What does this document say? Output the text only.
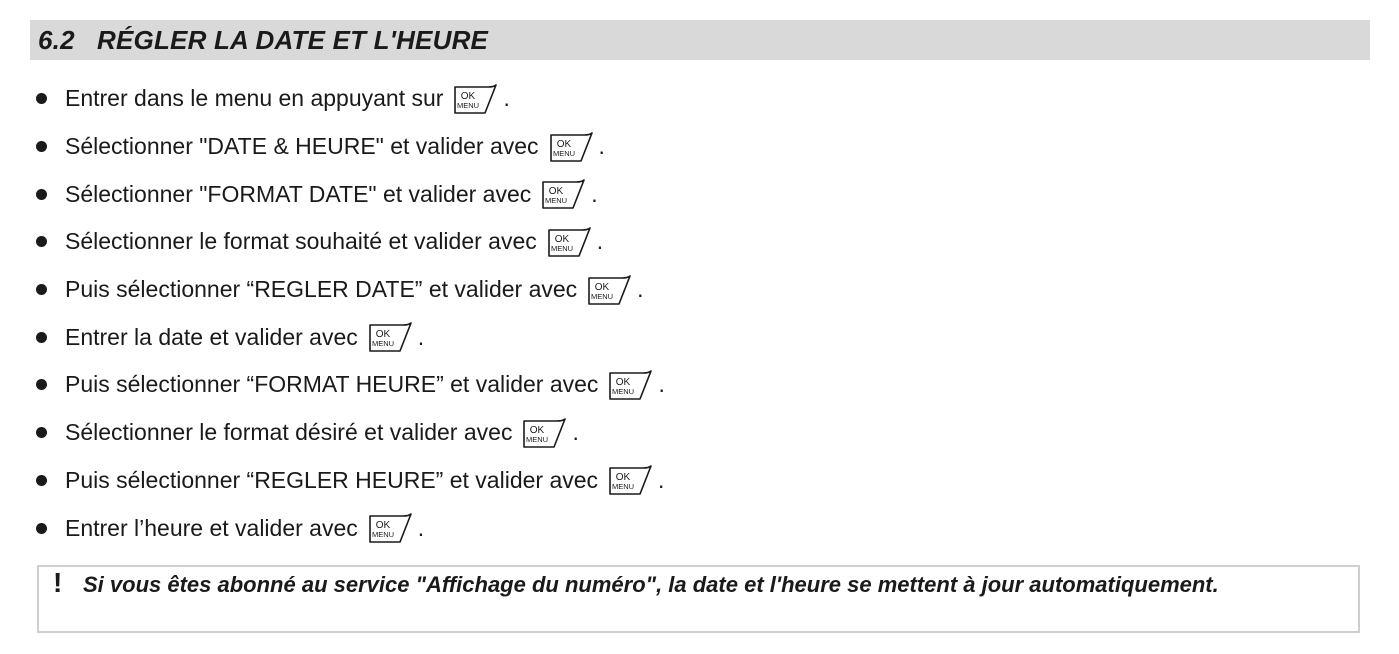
6.2   RÉGLER LA DATE ET L'HEURE
Entrer dans le menu en appuyant sur OK
MENU .
Sélectionner "DATE & HEURE" et valider avec OK
MENU .
Sélectionner "FORMAT DATE" et valider avec OK
MENU .
Sélectionner le format souhaité et valider avec OK
MENU .
Puis sélectionner “REGLER DATE” et valider avec OK
MENU .
Entrer la date et valider avec OK
MENU .
Puis sélectionner “FORMAT HEURE” et valider avec OK
MENU .
Sélectionner le format désiré et valider avec OK
MENU .
Puis sélectionner “REGLER HEURE” et valider avec OK
MENU .
Entrer l’heure et valider avec OK
MENU .
! Si vous êtes abonné au service "Affichage du numéro", la date et l'heure se mettent à jour automatiquement.
